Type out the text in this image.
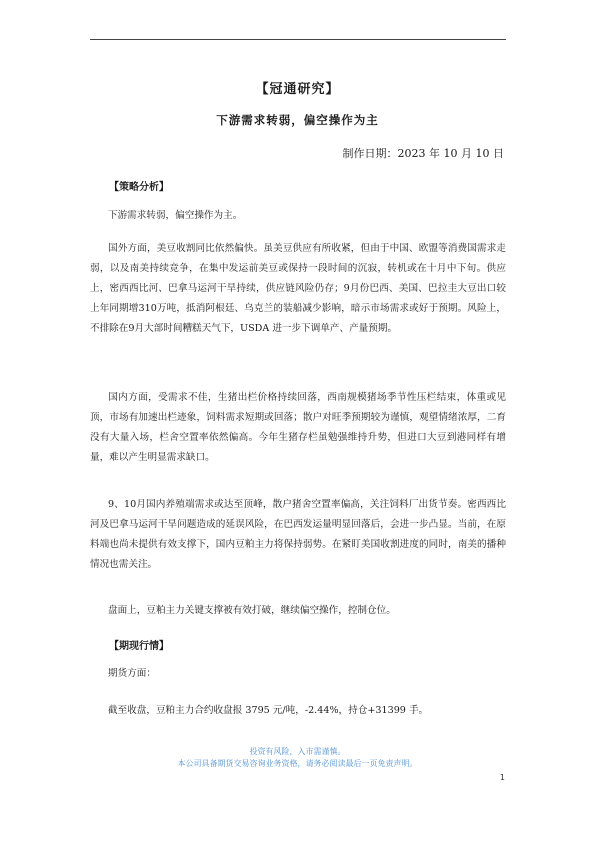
【冠通研究】
下游需求转弱，偏空操作为主
制作日期：2023 年 10 月 10 日
【策略分析】
下游需求转弱，偏空操作为主。
国外方面，美豆收割同比依然偏快。虽美豆供应有所收紧，但由于中国、欧盟等消费国需求走弱，以及南美持续竞争，在集中发运前美豆或保持一段时间的沉寂，转机或在十月中下旬。供应上，密西西比河、巴拿马运河干旱持续，供应链风险仍存；9月份巴西、美国、巴拉圭大豆出口较上年同期增310万吨，抵消阿根廷、乌克兰的装船减少影响，暗示市场需求或好于预期。风险上，不排除在9月大部时间糟糕天气下，USDA 进一步下调单产、产量预期。
国内方面，受需求不佳，生猪出栏价格持续回落，西南规模猪场季节性压栏结束，体重或见顶，市场有加速出栏迹象，饲料需求短期或回落；散户对旺季预期较为谨慎，观望情绪浓厚，二育没有大量入场，栏舍空置率依然偏高。今年生猪存栏虽勉强维持升势，但进口大豆到港同样有增量，难以产生明显需求缺口。
9、10月国内养殖端需求或达至顶峰，散户猪舍空置率偏高，关注饲料厂出货节奏。密西西比河及巴拿马运河干旱问题造成的延误风险，在巴西发运量明显回落后，会进一步凸显。当前，在原料端也尚未提供有效支撑下，国内豆粕主力将保持弱势。在紧盯美国收割进度的同时，南美的播种情况也需关注。
盘面上，豆粕主力关键支撑被有效打破，继续偏空操作，控制仓位。
【期现行情】
期货方面：
截至收盘，豆粕主力合约收盘报 3795 元/吨，-2.44%，持仓+31399 手。
投资有风险，入市需谨慎。
本公司具备期货交易咨询业务资格，请务必阅读最后一页免责声明。
1
